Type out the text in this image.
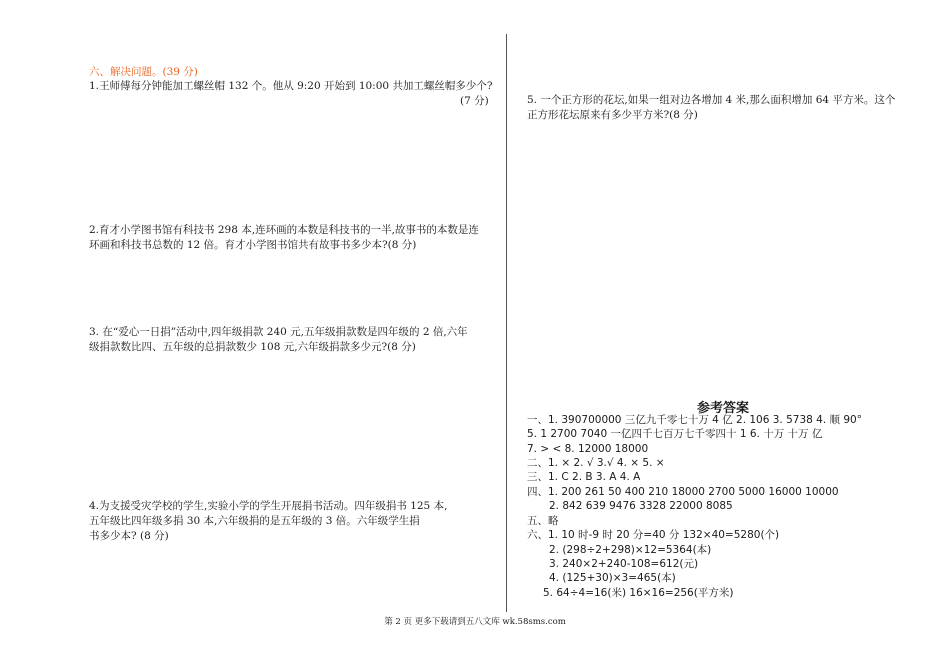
六、解决问题。(39 分)
1.王师傅每分钟能加工螺丝帽 132 个。他从 9:20 开始到 10:00 共加工螺丝帽多少个?
(7 分)
2.育才小学图书馆有科技书 298 本,连环画的本数是科技书的一半,故事书的本数是连
环画和科技书总数的 12 倍。育才小学图书馆共有故事书多少本?(8 分)
3. 在“爱心一日捐”活动中,四年级捐款 240 元,五年级捐款数是四年级的 2 倍,六年
级捐款数比四、五年级的总捐款数少 108 元,六年级捐款多少元?(8 分)
4.为支援受灾学校的学生,实验小学的学生开展捐书活动。四年级捐书 125 本,
五年级比四年级多捐 30 本,六年级捐的是五年级的 3 倍。六年级学生捐
书多少本? (8 分)
5. 一个正方形的花坛,如果一组对边各增加 4 米,那么面积增加 64 平方米。这个
正方形花坛原来有多少平方米?(8 分)
参考答案
一、1. 390700000 三亿九千零七十万 4 亿 2. 106 3. 5738 4. 顺 90°
5. 1 2700 7040 一亿四千七百万七千零四十 1 6. 十万 十万 亿
7. > < 8. 12000 18000
二、1. × 2. √ 3.√ 4. × 5. ×
三、1. C 2. B 3. A 4. A
四、1. 200 261 50 400 210 18000 2700 5000 16000 10000
2. 842 639 9476 3328 22000 8085
五、略
六、1. 10 时-9 时 20 分=40 分 132×40=5280(个)
2. (298÷2+298)×12=5364(本)
3. 240×2+240-108=612(元)
4. (125+30)×3=465(本)
5. 64÷4=16(米) 16×16=256(平方米)
第 2 页 更多下载请到五八文库 wk.58sms.com
